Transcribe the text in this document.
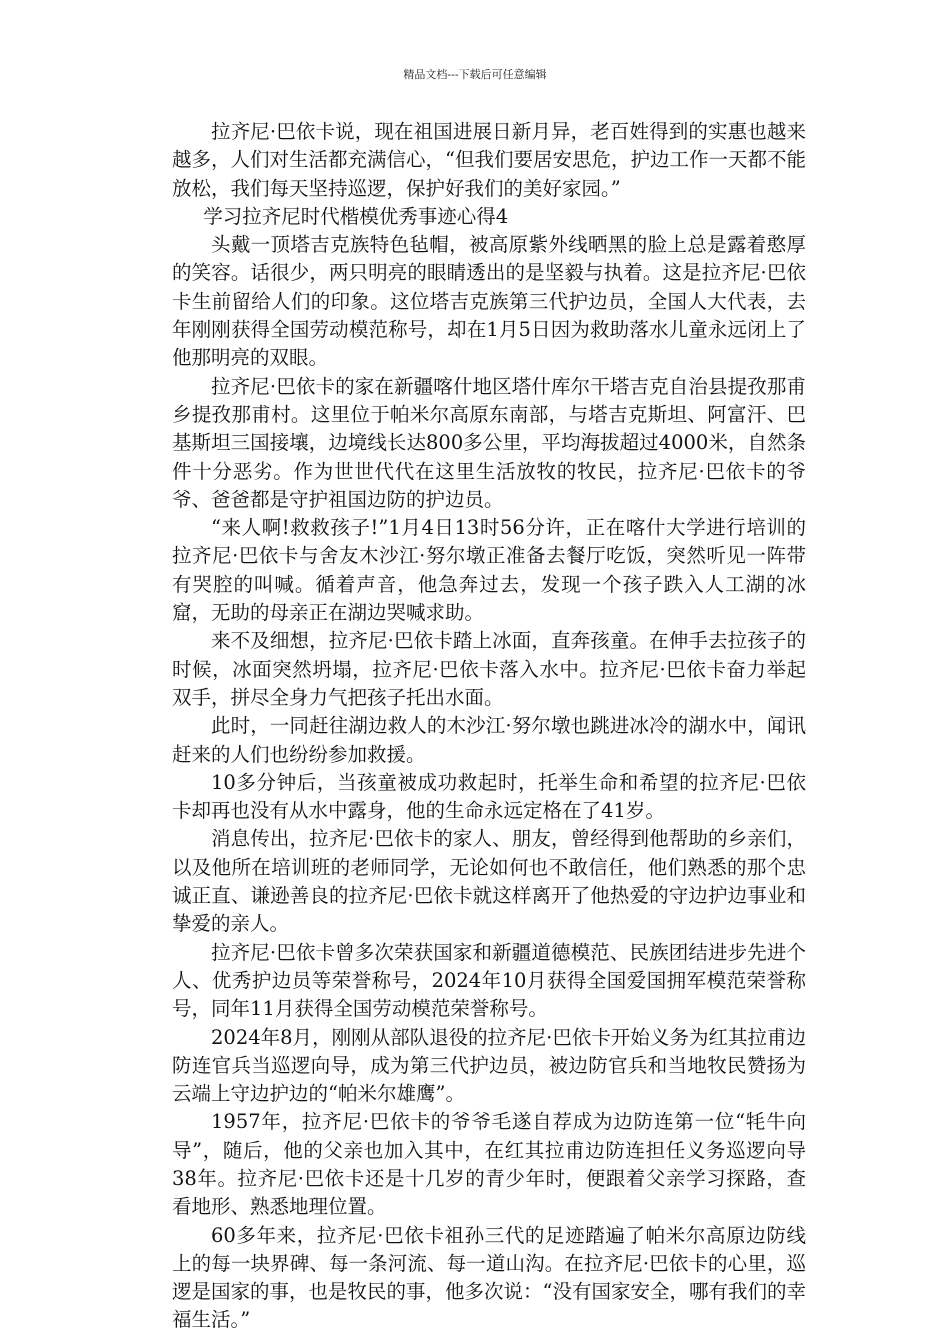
精品文档---下载后可任意编辑

拉齐尼·巴依卡说，现在祖国进展日新月异，老百姓得到的实惠也越来越多，人们对生活都充满信心，“但我们要居安思危，护边工作一天都不能放松，我们每天坚持巡逻，保护好我们的美好家园。”

学习拉齐尼时代楷模优秀事迹心得4

头戴一顶塔吉克族特色毡帽，被高原紫外线晒黑的脸上总是露着憨厚的笑容。话很少，两只明亮的眼睛透出的是坚毅与执着。这是拉齐尼·巴依卡生前留给人们的印象。这位塔吉克族第三代护边员，全国人大代表，去年刚刚获得全国劳动模范称号，却在1月5日因为救助落水儿童永远闭上了他那明亮的双眼。

拉齐尼·巴依卡的家在新疆喀什地区塔什库尔干塔吉克自治县提孜那甫乡提孜那甫村。这里位于帕米尔高原东南部，与塔吉克斯坦、阿富汗、巴基斯坦三国接壤，边境线长达800多公里，平均海拔超过4000米，自然条件十分恶劣。作为世世代代在这里生活放牧的牧民，拉齐尼·巴依卡的爷爷、爸爸都是守护祖国边防的护边员。

“来人啊!救救孩子!”1月4日13时56分许，正在喀什大学进行培训的拉齐尼·巴依卡与舍友木沙江·努尔墩正准备去餐厅吃饭，突然听见一阵带有哭腔的叫喊。循着声音，他急奔过去，发现一个孩子跌入人工湖的冰窟，无助的母亲正在湖边哭喊求助。

来不及细想，拉齐尼·巴依卡踏上冰面，直奔孩童。在伸手去拉孩子的时候，冰面突然坍塌，拉齐尼·巴依卡落入水中。拉齐尼·巴依卡奋力举起双手，拼尽全身力气把孩子托出水面。

此时，一同赶往湖边救人的木沙江·努尔墩也跳进冰冷的湖水中，闻讯赶来的人们也纷纷参加救援。

10多分钟后，当孩童被成功救起时，托举生命和希望的拉齐尼·巴依卡却再也没有从水中露身，他的生命永远定格在了41岁。

消息传出，拉齐尼·巴依卡的家人、朋友，曾经得到他帮助的乡亲们，以及他所在培训班的老师同学，无论如何也不敢信任，他们熟悉的那个忠诚正直、谦逊善良的拉齐尼·巴依卡就这样离开了他热爱的守边护边事业和挚爱的亲人。

拉齐尼·巴依卡曾多次荣获国家和新疆道德模范、民族团结进步先进个人、优秀护边员等荣誉称号，2024年10月获得全国爱国拥军模范荣誉称号，同年11月获得全国劳动模范荣誉称号。

2024年8月，刚刚从部队退役的拉齐尼·巴依卡开始义务为红其拉甫边防连官兵当巡逻向导，成为第三代护边员，被边防官兵和当地牧民赞扬为云端上守边护边的“帕米尔雄鹰”。

1957年，拉齐尼·巴依卡的爷爷毛遂自荐成为边防连第一位“牦牛向导”，随后，他的父亲也加入其中，在红其拉甫边防连担任义务巡逻向导38年。拉齐尼·巴依卡还是十几岁的青少年时，便跟着父亲学习探路，查看地形、熟悉地理位置。

60多年来，拉齐尼·巴依卡祖孙三代的足迹踏遍了帕米尔高原边防线上的每一块界碑、每一条河流、每一道山沟。在拉齐尼·巴依卡的心里，巡逻是国家的事，也是牧民的事，他多次说：“没有国家安全，哪有我们的幸福生活。”
